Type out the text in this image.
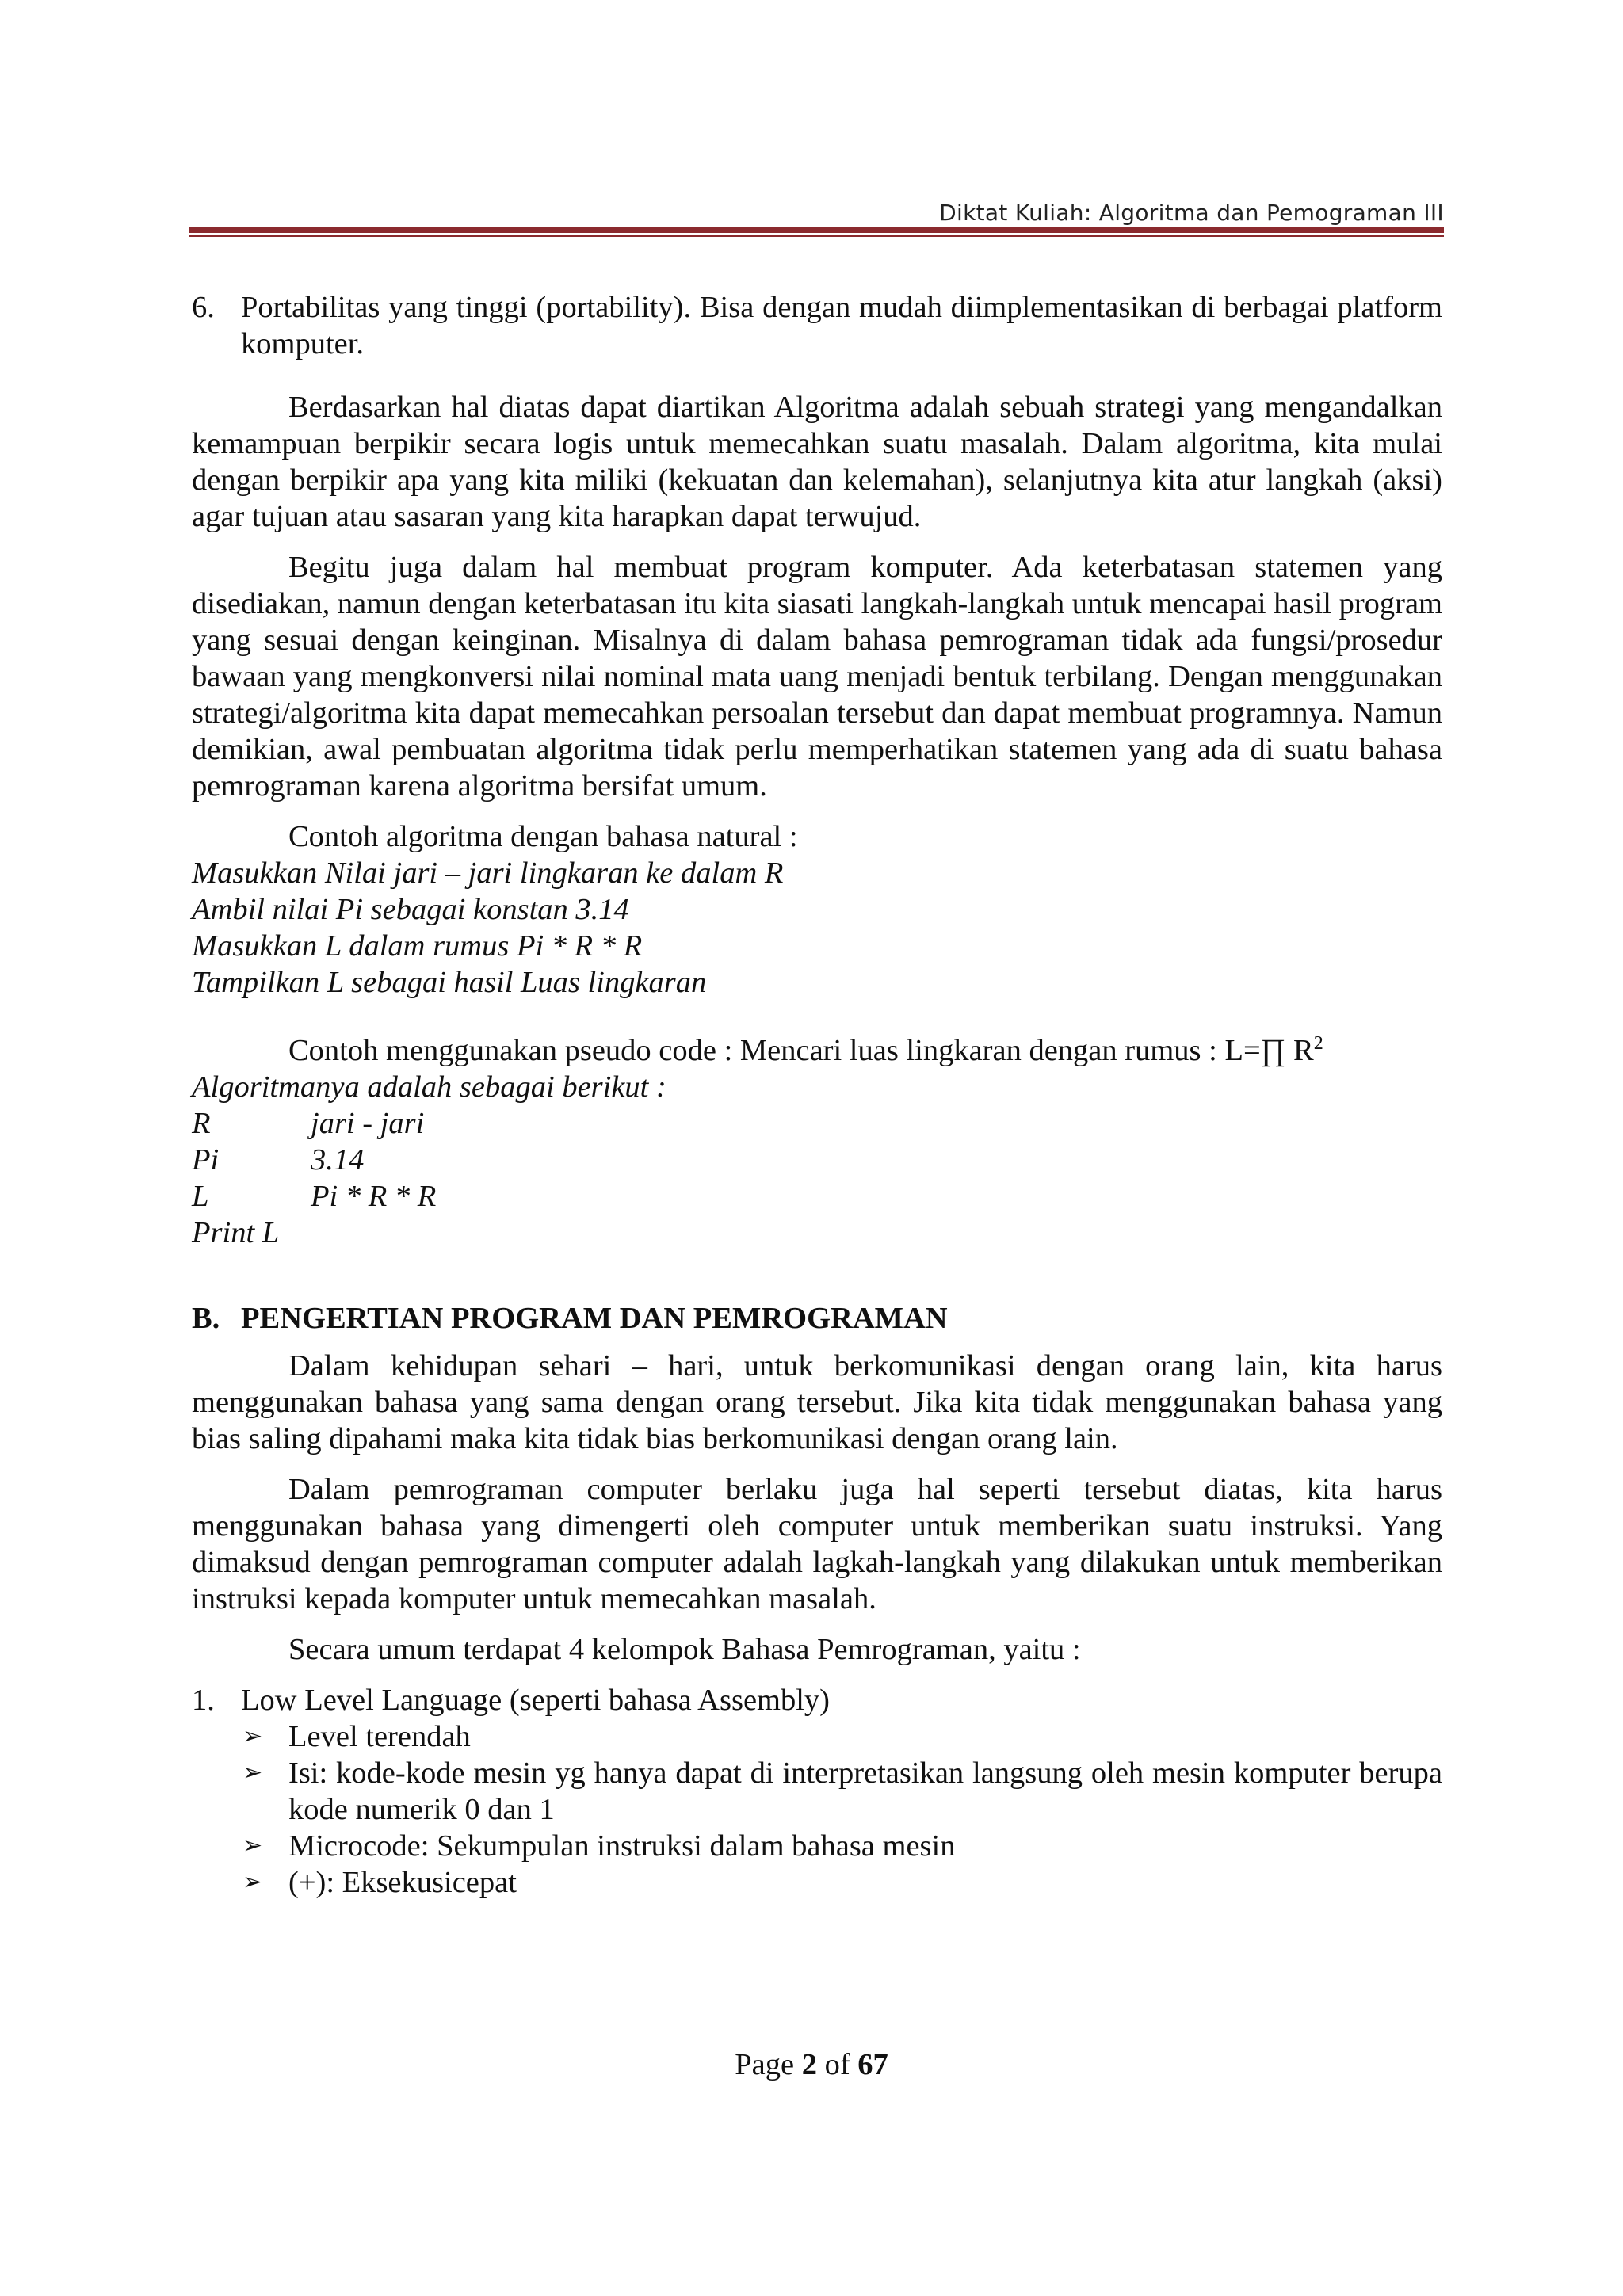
Diktat Kuliah: Algoritma dan Pemograman III
6. Portabilitas yang tinggi (portability). Bisa dengan mudah diimplementasikan di berbagai platform komputer.

Berdasarkan hal diatas dapat diartikan Algoritma adalah sebuah strategi yang mengandalkan kemampuan berpikir secara logis untuk memecahkan suatu masalah. Dalam algoritma, kita mulai dengan berpikir apa yang kita miliki (kekuatan dan kelemahan), selanjutnya kita atur langkah (aksi) agar tujuan atau sasaran yang kita harapkan dapat terwujud.

Begitu juga dalam hal membuat program komputer. Ada keterbatasan statemen yang disediakan, namun dengan keterbatasan itu kita siasati langkah-langkah untuk mencapai hasil program yang sesuai dengan keinginan. Misalnya di dalam bahasa pemrograman tidak ada fungsi/prosedur bawaan yang mengkonversi nilai nominal mata uang menjadi bentuk terbilang. Dengan menggunakan strategi/algoritma kita dapat memecahkan persoalan tersebut dan dapat membuat programnya. Namun demikian, awal pembuatan algoritma tidak perlu memperhatikan statemen yang ada di suatu bahasa pemrograman karena algoritma bersifat umum.

Contoh algoritma dengan bahasa natural :

Masukkan Nilai jari – jari lingkaran ke dalam R
Ambil nilai Pi sebagai konstan 3.14
Masukkan L dalam rumus Pi * R * R
Tampilkan L sebagai hasil Luas lingkaran

Contoh menggunakan pseudo code : Mencari luas lingkaran dengan rumus : L=∏ $R^2$

Algoritmanya adalah sebagai berikut :
R	jari - jari
Pi	3.14
L	Pi * R * R
Print L
B. PENGERTIAN PROGRAM DAN PEMROGRAMAN

Dalam kehidupan sehari – hari, untuk berkomunikasi dengan orang lain, kita harus menggunakan bahasa yang sama dengan orang tersebut. Jika kita tidak menggunakan bahasa yang bias saling dipahami maka kita tidak bias berkomunikasi dengan orang lain.

Dalam pemrograman computer berlaku juga hal seperti tersebut diatas, kita harus menggunakan bahasa yang dimengerti oleh computer untuk memberikan suatu instruksi. Yang dimaksud dengan pemrograman computer adalah lagkah-langkah yang dilakukan untuk memberikan instruksi kepada komputer untuk memecahkan masalah.

Secara umum terdapat 4 kelompok Bahasa Pemrograman, yaitu :

1. Low Level Language (seperti bahasa Assembly)
➢ Level terendah
➢ Isi: kode-kode mesin yg hanya dapat di interpretasikan langsung oleh mesin komputer berupa kode numerik 0 dan 1
➢ Microcode: Sekumpulan instruksi dalam bahasa mesin
➢ (+): Eksekusicepat
Page 2 of 67
